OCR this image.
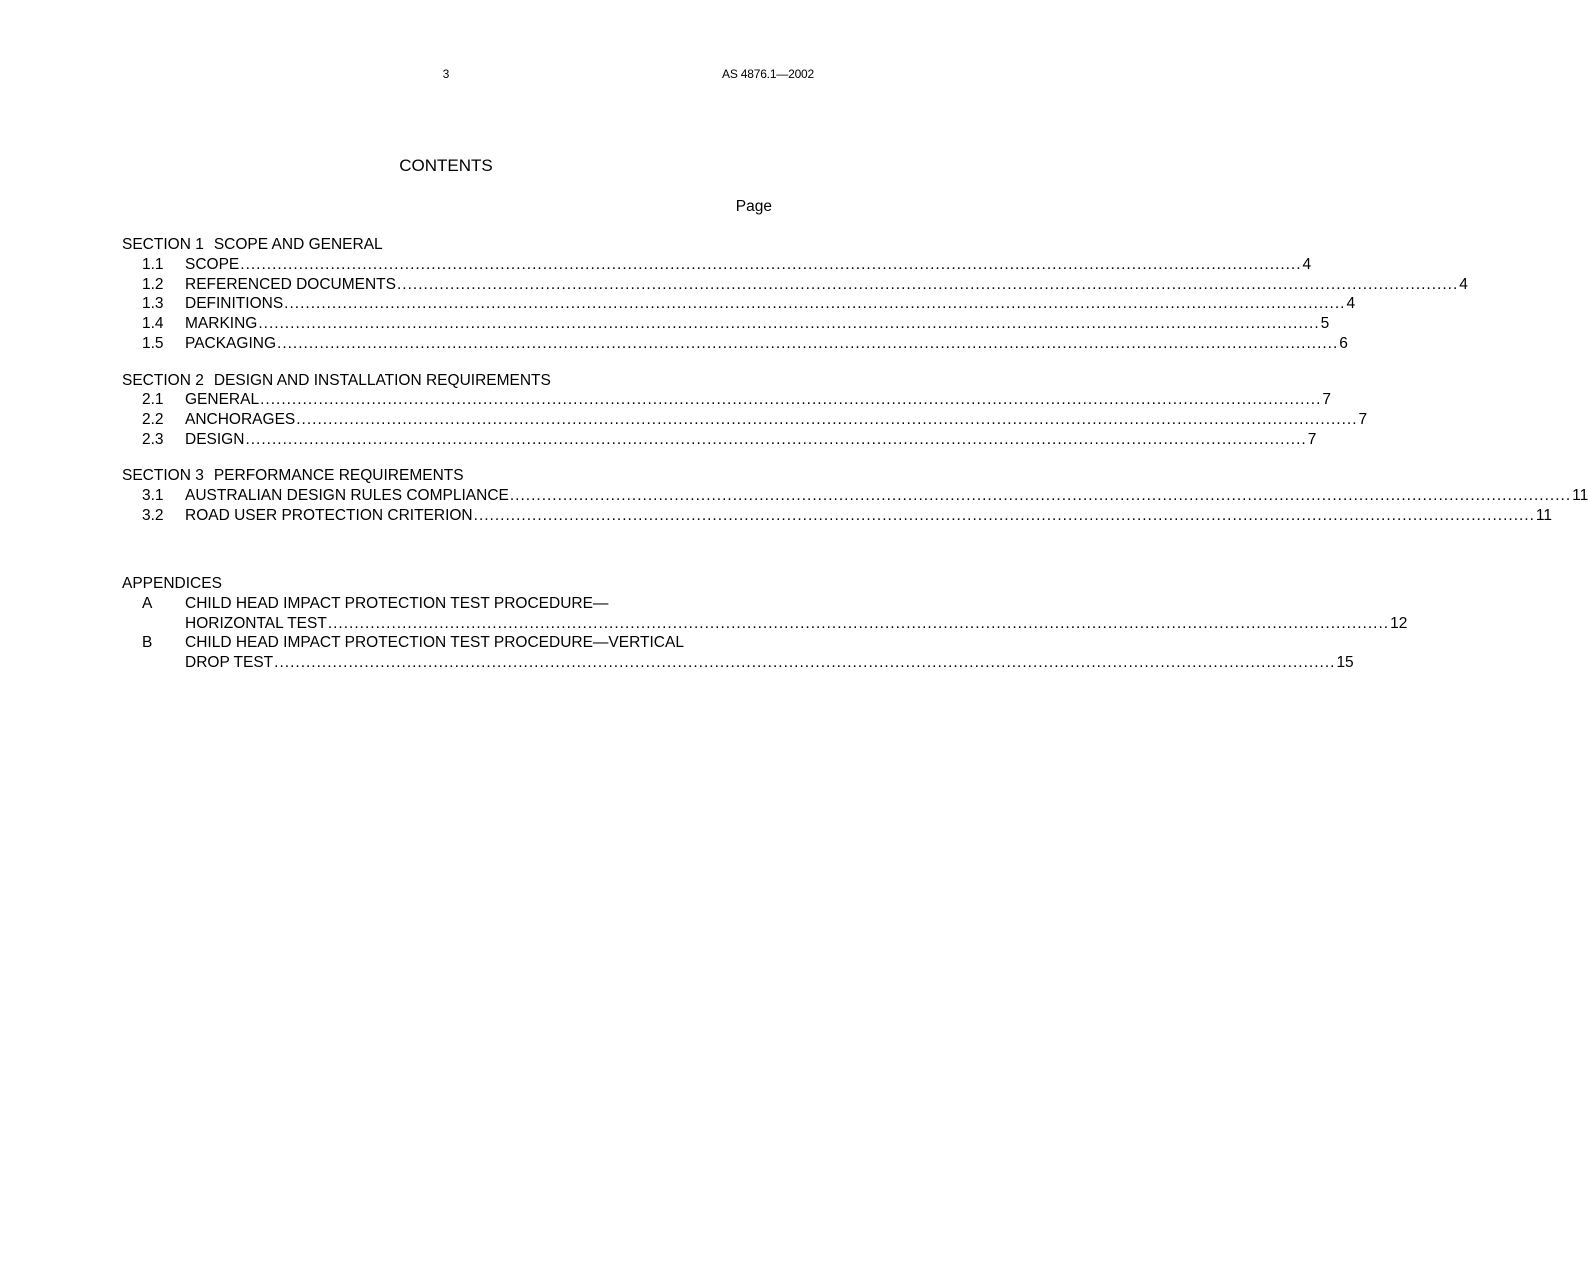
3	AS 4876.1—2002
CONTENTS
Page
SECTION 1 SCOPE AND GENERAL
1.1	SCOPE ........................................................................................................................................................................................................ 4
1.2	REFERENCED DOCUMENTS ........................................................................................................................................................................................................ 4
1.3	DEFINITIONS ........................................................................................................................................................................................................ 4
1.4	MARKING ........................................................................................................................................................................................................ 5
1.5	PACKAGING ........................................................................................................................................................................................................ 6
SECTION 2 DESIGN AND INSTALLATION REQUIREMENTS
2.1	GENERAL ........................................................................................................................................................................................................ 7
2.2	ANCHORAGES ........................................................................................................................................................................................................ 7
2.3	DESIGN ........................................................................................................................................................................................................ 7
SECTION 3 PERFORMANCE REQUIREMENTS
3.1	AUSTRALIAN DESIGN RULES COMPLIANCE ........................................................................................................................................................................................................ 11
3.2	ROAD USER PROTECTION CRITERION ........................................................................................................................................................................................................ 11
APPENDICES
A	CHILD HEAD IMPACT PROTECTION TEST PROCEDURE—
HORIZONTAL TEST ........................................................................................................................................................................................................ 12
B	CHILD HEAD IMPACT PROTECTION TEST PROCEDURE—VERTICAL
DROP TEST ........................................................................................................................................................................................................ 15
